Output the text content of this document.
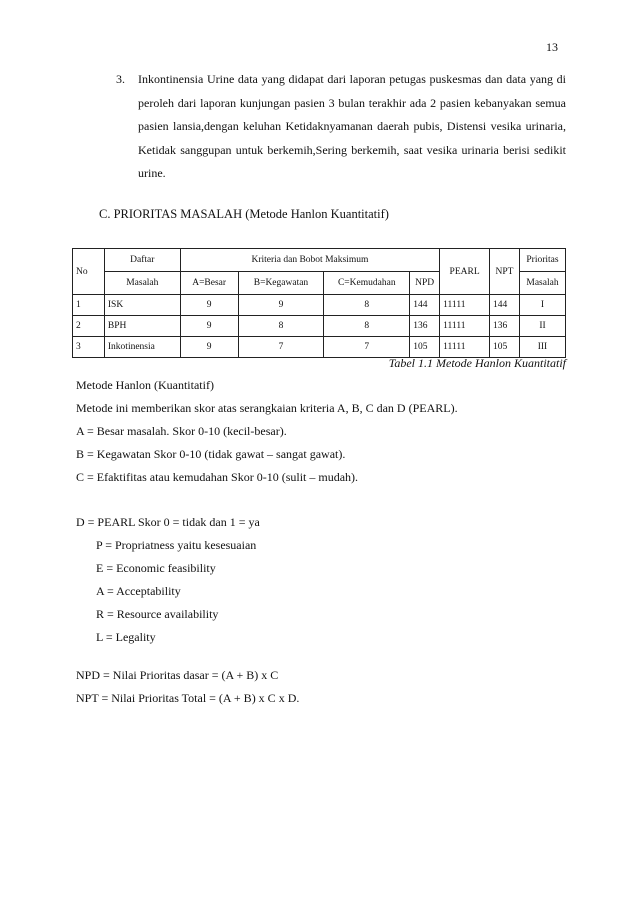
13
3. Inkontinensia Urine data yang didapat dari laporan petugas puskesmas dan data yang di peroleh dari laporan kunjungan pasien 3 bulan terakhir ada 2 pasien kebanyakan semua pasien lansia,dengan keluhan Ketidaknyamanan daerah pubis, Distensi vesika urinaria, Ketidak sanggupan untuk berkemih,Sering berkemih, saat vesika urinaria berisi sedikit urine.
C. PRIORITAS MASALAH (Metode Hanlon Kuantitatif)
No	Daftar	Kriteria dan Bobot Maksimum				PEARL	NPT	Prioritas
	Masalah	A=Besar	B=Kegawatan	C=Kemudahan	NPD			Masalah
1	ISK	9	9	8	144	11111	144	I
2	BPH	9	8	8	136	11111	136	II
3	Inkotinensia	9	7	7	105	11111	105	III
Tabel 1.1 Metode Hanlon Kuantitatif
Metode Hanlon (Kuantitatif)
Metode ini memberikan skor atas serangkaian kriteria A, B, C dan D (PEARL).
A = Besar masalah. Skor 0-10 (kecil-besar).
B = Kegawatan Skor 0-10 (tidak gawat – sangat gawat).
C = Efaktifitas atau kemudahan Skor 0-10 (sulit – mudah).
D = PEARL Skor 0 = tidak dan 1 = ya
P = Propriatness yaitu kesesuaian
E = Economic feasibility
A = Acceptability
R = Resource availability
L = Legality
NPD = Nilai Prioritas dasar = (A + B) x C
NPT = Nilai Prioritas Total = (A + B) x C x D.
